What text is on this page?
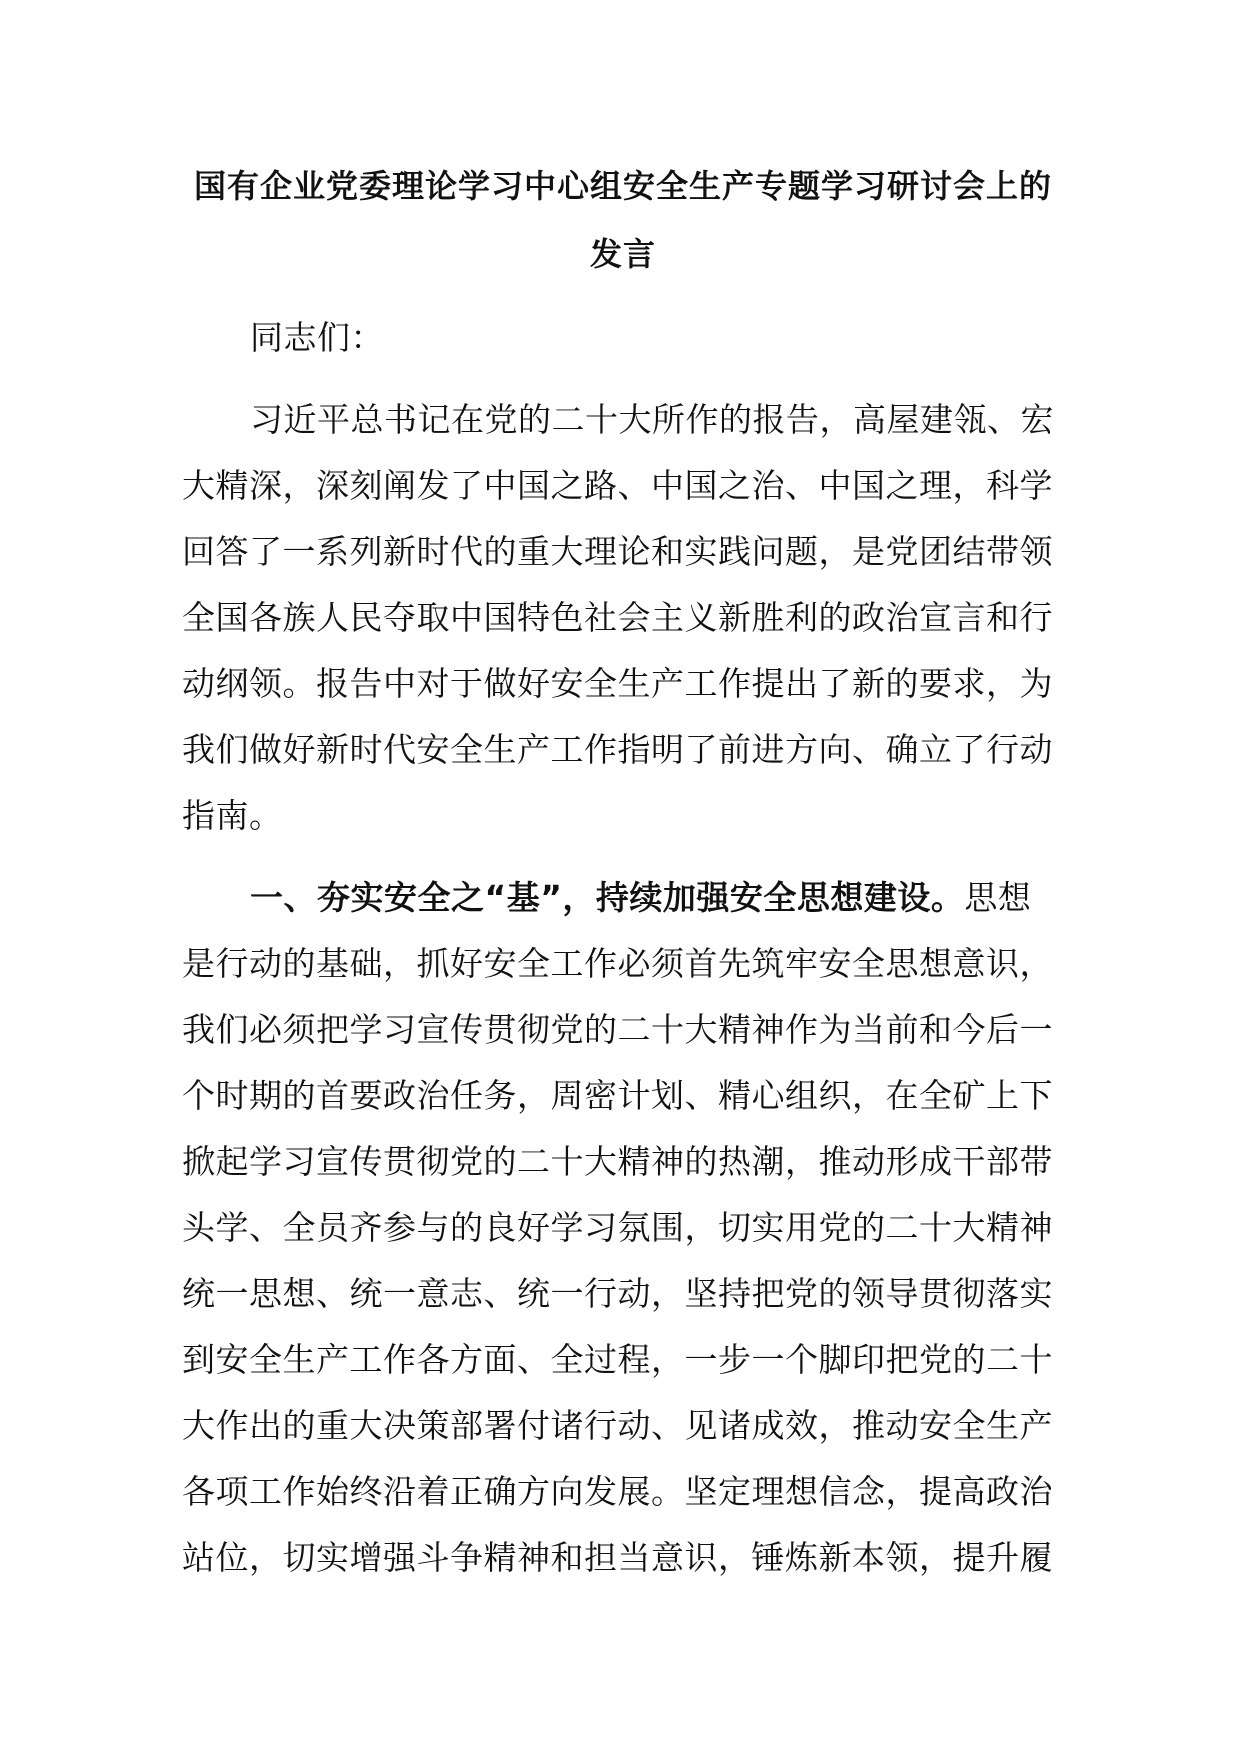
国有企业党委理论学习中心组安全生产专题学习研讨会上的
发言
同志们：
习近平总书记在党的二十大所作的报告，高屋建瓴、宏
大精深，深刻阐发了中国之路、中国之治、中国之理，科学
回答了一系列新时代的重大理论和实践问题，是党团结带领
全国各族人民夺取中国特色社会主义新胜利的政治宣言和行
动纲领。报告中对于做好安全生产工作提出了新的要求，为
我们做好新时代安全生产工作指明了前进方向、确立了行动
指南。
一、夯实安全之“基”，持续加强安全思想建设。思想
是行动的基础，抓好安全工作必须首先筑牢安全思想意识，
我们必须把学习宣传贯彻党的二十大精神作为当前和今后一
个时期的首要政治任务，周密计划、精心组织，在全矿上下
掀起学习宣传贯彻党的二十大精神的热潮，推动形成干部带
头学、全员齐参与的良好学习氛围，切实用党的二十大精神
统一思想、统一意志、统一行动，坚持把党的领导贯彻落实
到安全生产工作各方面、全过程，一步一个脚印把党的二十
大作出的重大决策部署付诸行动、见诸成效，推动安全生产
各项工作始终沿着正确方向发展。坚定理想信念，提高政治
站位，切实增强斗争精神和担当意识，锤炼新本领，提升履
